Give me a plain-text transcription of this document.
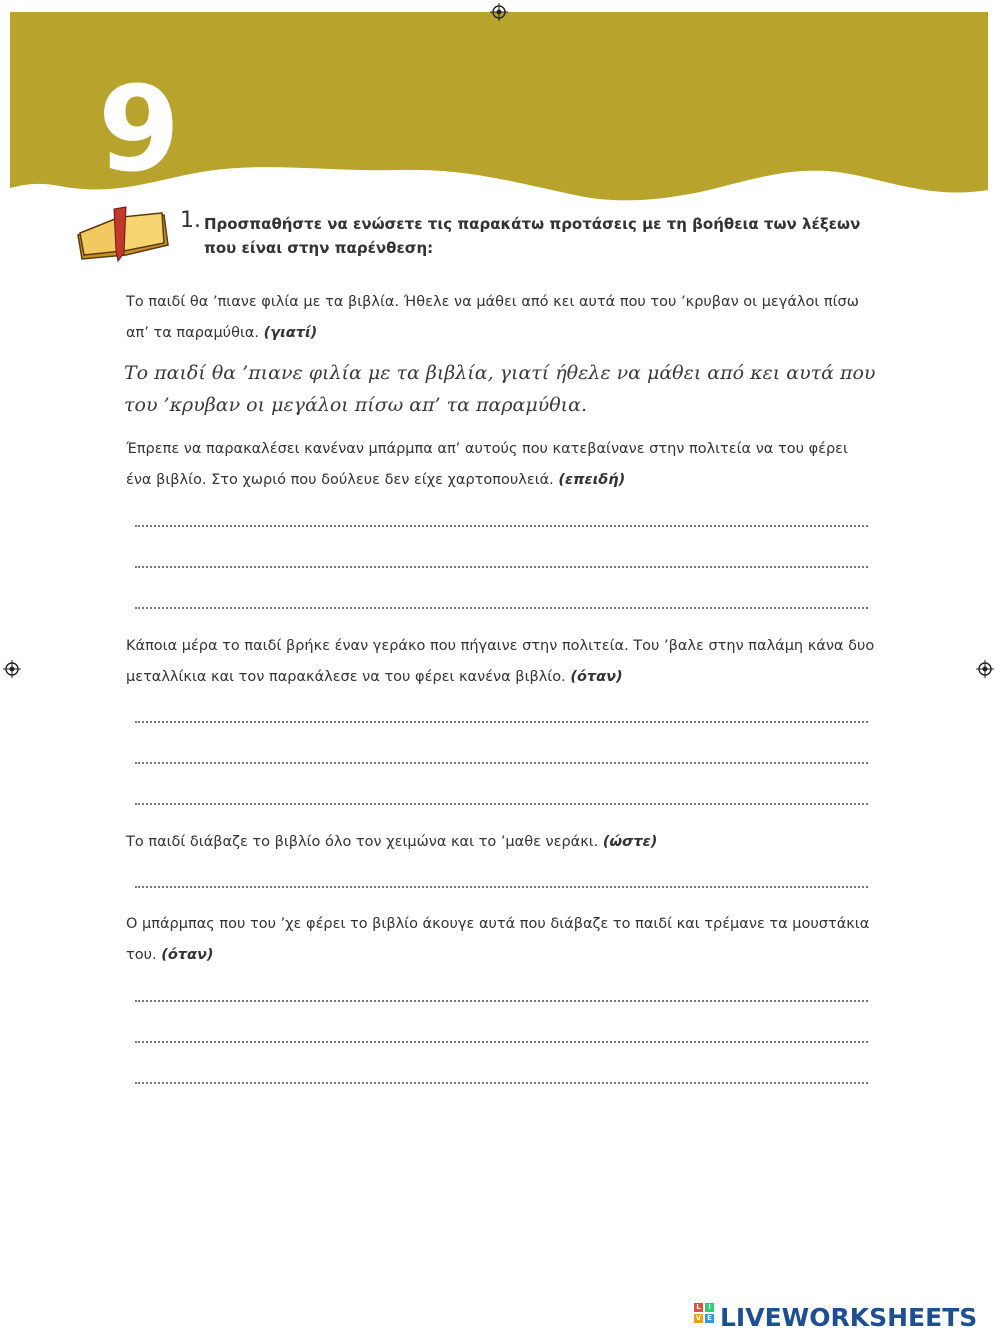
9
1. Προσπαθήστε να ενώσετε τις παρακάτω προτάσεις με τη βοήθεια των λέξεων που είναι στην παρένθεση:
Το παιδί θα ’πιανε φιλία με τα βιβλία. Ήθελε να μάθει από κει αυτά που του ’κρυβαν οι μεγάλοι πίσω απ’ τα παραμύθια. (γιατί)
Το παιδί θα ’πιανε φιλία με τα βιβλία, γιατί ήθελε να μάθει από κει αυτά που του ’κρυβαν οι μεγάλοι πίσω απ’ τα παραμύθια.
Έπρεπε να παρακαλέσει κανέναν μπάρμπα απ’ αυτούς που κατεβαίνανε στην πολιτεία να του φέρει ένα βιβλίο. Στο χωριό που δούλευε δεν είχε χαρτοπουλειά. (επειδή)
Κάποια μέρα το παιδί βρήκε έναν γεράκο που πήγαινε στην πολιτεία. Του ’βαλε στην παλάμη κάνα δυο μεταλλίκια και τον παρακάλεσε να του φέρει κανένα βιβλίο. (όταν)
Το παιδί διάβαζε το βιβλίο όλο τον χειμώνα και το ’μαθε νεράκι. (ώστε)
Ο μπάρμπας που του ’χε φέρει το βιβλίο άκουγε αυτά που διάβαζε το παιδί και τρέμανε τα μουστάκια του. (όταν)
L	I
V E LIVEWORKSHEETS
